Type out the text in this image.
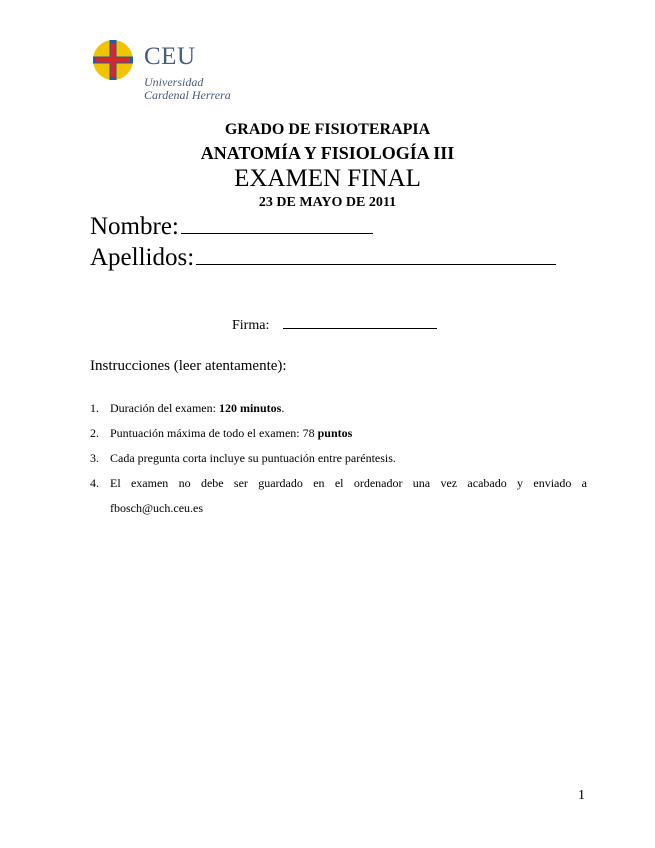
CEU
Universidad
Cardenal Herrera
GRADO DE FISIOTERAPIA
ANATOMÍA Y FISIOLOGÍA III
EXAMEN FINAL
23 DE MAYO DE 2011
Nombre:
Apellidos:
Firma:
Instrucciones (leer atentamente):
1. Duración del examen: 120 minutos.
2. Puntuación máxima de todo el examen: 78 puntos
3. Cada pregunta corta incluye su puntuación entre paréntesis.
4. El examen no debe ser guardado en el ordenador una vez acabado y enviado a
fbosch@uch.ceu.es
1
